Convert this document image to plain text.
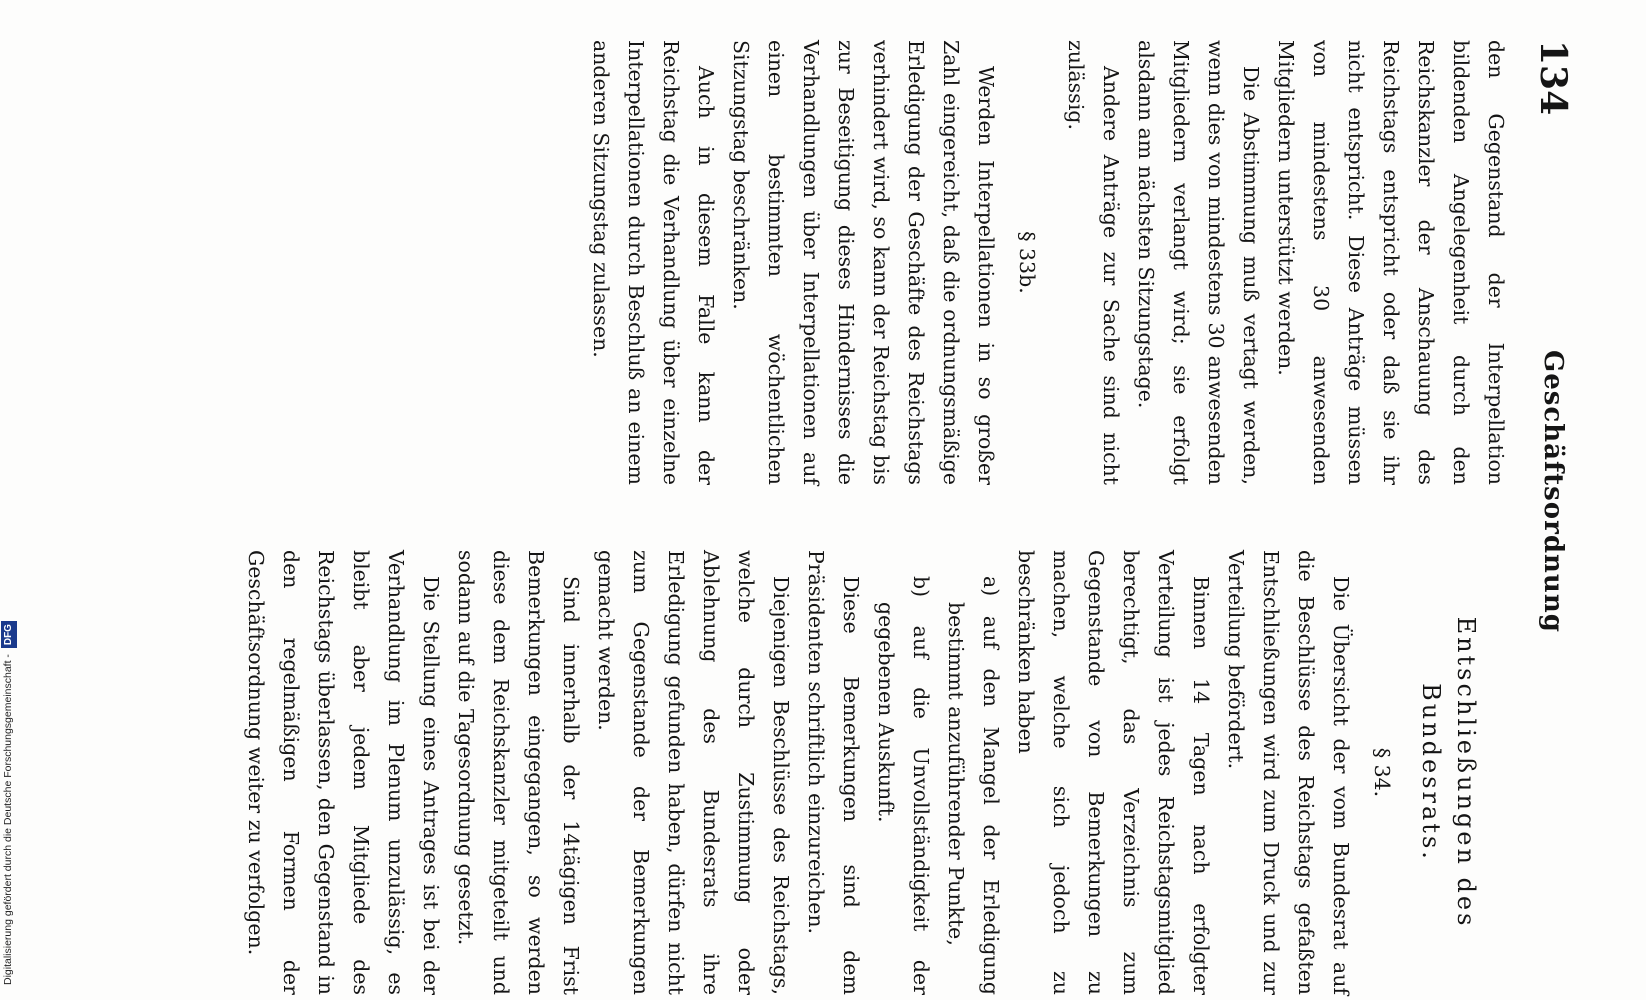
134
Geschäftsordnung

den Gegenstand der Interpellation bildenden Angelegenheit durch den Reichskanzler der Anschauung des Reichstags entspricht oder daß sie ihr nicht entspricht. Diese Anträge müssen von mindestens 30 anwesenden Mitgliedern unterstützt werden.

Die Abstimmung muß vertagt werden, wenn dies von mindestens 30 anwesenden Mitgliedern verlangt wird; sie erfolgt alsdann am nächsten Sitzungstage.

Andere Anträge zur Sache sind nicht zulässig.

§ 33b.

Werden Interpellationen in so großer Zahl eingereicht, daß die ordnungsmäßige Erledigung der Geschäfte des Reichstags verhindert wird, so kann der Reichstag bis zur Beseitigung dieses Hindernisses die Verhandlungen über Interpellationen auf einen bestimmten wöchentlichen Sitzungstag beschränken.

Auch in diesem Falle kann der Reichstag die Verhandlung über einzelne Interpellationen durch Beschluß an einem anderen Sitzungstag zulassen.

Entschließungen des Bundesrats.
§ 34.

Die Übersicht der vom Bundesrat auf die Beschlüsse des Reichstags gefaßten Entschließungen wird zum Druck und zur Verteilung befördert.

Binnen 14 Tagen nach erfolgter Verteilung ist jedes Reichstagsmitglied berechtigt, das Verzeichnis zum Gegenstande von Bemerkungen zu machen, welche sich jedoch zu beschränken haben

a) auf den Mangel der Erledigung bestimmt anzuführender Punkte,

b) auf die Unvollständigkeit der gegebenen Auskunft.

Diese Bemerkungen sind dem Präsidenten schriftlich einzureichen.

Diejenigen Beschlüsse des Reichstags, welche durch Zustimmung oder Ablehnung des Bundesrats ihre Erledigung gefunden haben, dürfen nicht zum Gegenstande der Bemerkungen gemacht werden.

Sind innerhalb der 14tägigen Frist Bemerkungen eingegangen, so werden diese dem Reichskanzler mitgeteilt und sodann auf die Tagesordnung gesetzt.

Die Stellung eines Antrages ist bei der Verhandlung im Plenum unzulässig, es bleibt aber jedem Mitgliede des Reichstags überlassen, den Gegenstand in den regelmäßigen Formen der Geschäftsordnung weiter zu verfolgen.

Digitalisierung gefördert durch die Deutsche Forschungsgemeinschaft - DFG
